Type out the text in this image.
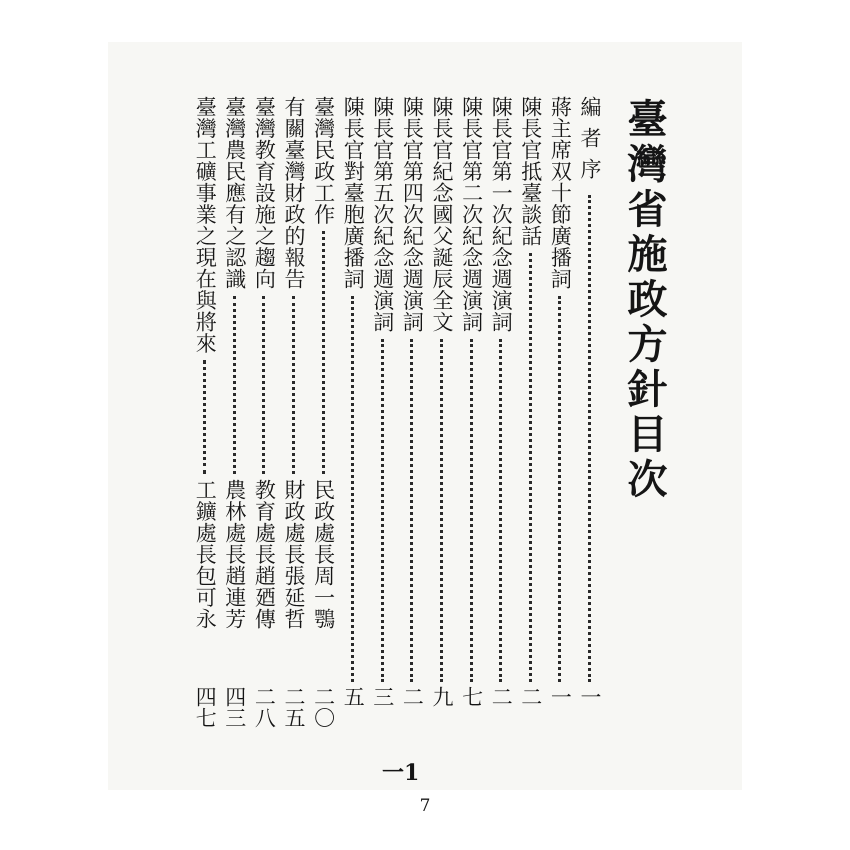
臺灣省施政方針目次
編者序
一
蔣主席双十節廣播詞
一
陳長官抵臺談話
二
陳長官第一次紀念週演詞
二
陳長官第二次紀念週演詞
七
陳長官紀念國父誕辰全文
九
陳長官第四次紀念週演詞
二
陳長官第五次紀念週演詞
三
陳長官對臺胞廣播詞
五
臺灣民政工作
民政處長周一鶚
二〇
有關臺灣財政的報告
財政處長張延哲
二五
臺灣教育設施之趨向
教育處長趙廼傳
二八
臺灣農民應有之認識
農林處長趙連芳
四三
臺灣工礦事業之現在與將來
工鑛處長包可永
四七
一1
7
